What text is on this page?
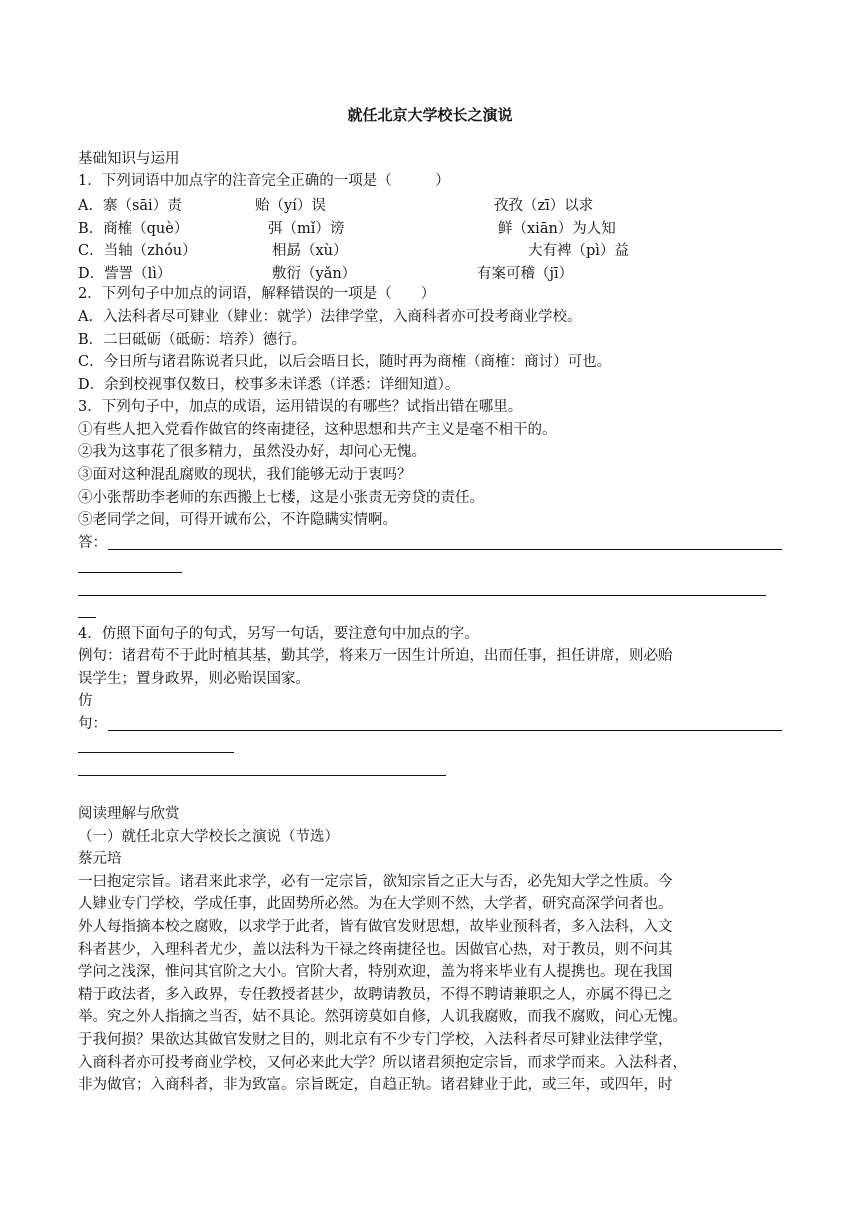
就任北京大学校长之演说
基础知识与运用
1．下列词语中加点字的注音完全正确的一项是（　　　）
A．寨（sāi）责	贻（yí）误	孜孜（zī）以求
B．商榷（què）	弭（mǐ）谤	鲜（xiān）为人知
C．当轴（zhóu）	相勗（xù）	大有裨（pì）益
D．訾詈（lì）	敷衍（yǎn）	有案可稽（jī）
2．下列句子中加点的词语，解释错误的一项是（　　）
A．入法科者尽可肄业（肄业：就学）法律学堂，入商科者亦可投考商业学校。
B．二曰砥砺（砥砺：培养）德行。
C．今日所与诸君陈说者只此，以后会晤日长，随时再为商榷（商榷：商讨）可也。
D．余到校视事仅数日，校事多未详悉（详悉：详细知道）。
3．下列句子中，加点的成语，运用错误的有哪些？试指出错在哪里。
①有些人把入党看作做官的终南捷径，这种思想和共产主义是毫不相干的。
②我为这事花了很多精力，虽然没办好，却问心无愧。
③面对这种混乱腐败的现状，我们能够无动于衷吗？
④小张帮助李老师的东西搬上七楼，这是小张责无旁贷的责任。
⑤老同学之间，可得开诚布公，不许隐瞒实情啊。
答：
4．仿照下面句子的句式，另写一句话，要注意句中加点的字。
例句：诸君苟不于此时植其基，勤其学，将来万一因生计所迫，出而任事，担任讲席，则必贻
误学生；置身政界，则必贻误国家。
仿
句：
阅读理解与欣赏
（一）就任北京大学校长之演说（节选）
蔡元培
一曰抱定宗旨。诸君来此求学，必有一定宗旨，欲知宗旨之正大与否，必先知大学之性质。今
人肄业专门学校，学成任事，此固势所必然。为在大学则不然，大学者，研究高深学问者也。
外人每指摘本校之腐败，以求学于此者，皆有做官发财思想，故毕业预科者，多入法科，入文
科者甚少，入理科者尤少，盖以法科为干禄之终南捷径也。因做官心热，对于教员，则不问其
学问之浅深，惟问其官阶之大小。官阶大者，特别欢迎，盖为将来毕业有人提携也。现在我国
精于政法者，多入政界，专任教授者甚少，故聘请教员，不得不聘请兼职之人，亦属不得已之
举。究之外人指摘之当否，姑不具论。然弭谤莫如自修，人讥我腐败，而我不腐败，问心无愧。
于我何损？果欲达其做官发财之目的，则北京有不少专门学校，入法科者尽可肄业法律学堂，
入商科者亦可投考商业学校，又何必来此大学？所以诸君须抱定宗旨，而求学而来。入法科者，
非为做官；入商科者，非为致富。宗旨既定，自趋正轨。诸君肄业于此，或三年，或四年，时
